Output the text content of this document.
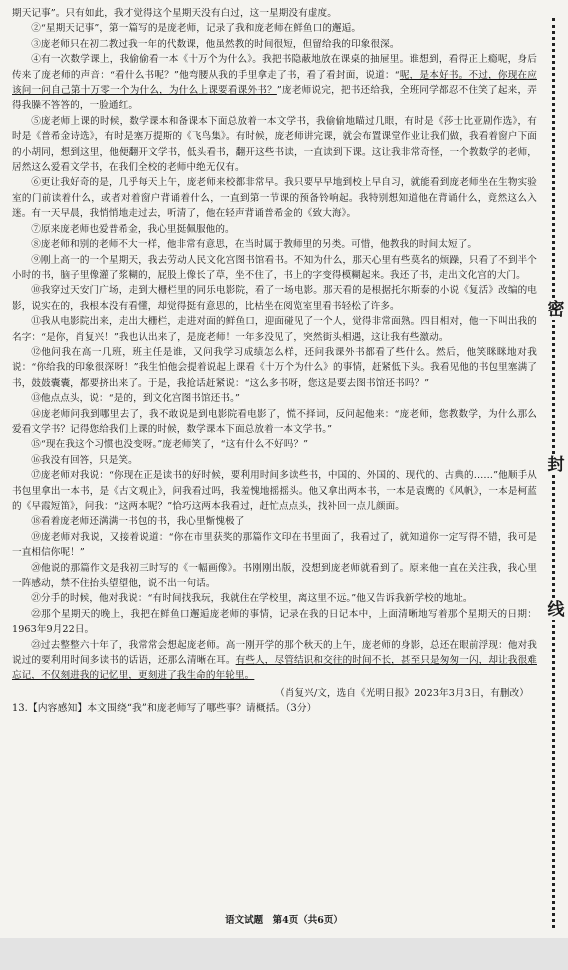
期天记事”。只有如此，我才觉得这个星期天没有白过，这一星期没有虚度。

②“星期天记事”，第一篇写的是庞老师，记录了我和庞老师在鲜鱼口的邂逅。

③庞老师只在初二教过我一年的代数课，他虽然教的时间很短，但留给我的印象很深。

④有一次数学课上，我偷偷看一本《十万个为什么》。我把书隐蔽地放在课桌的抽屉里。谁想到，看得正上瘾呢，身后传来了庞老师的声音：“看什么书呢？”他弯腰从我的手里拿走了书，看了看封面，说道：“呢，是本好书。不过，你现在应该问一问自己第十万零一个为什么，为什么上课要看课外书？”庞老师说完，把书还给我，全班同学都忍不住笑了起来，弄得我臊不答答的，一脸通红。

⑤庞老师上课的时候，数学课本和备课本下面总放着一本文学书，我偷偷地瞄过几眼，有时是《莎士比亚剧作选》，有时是《普希金诗选》，有时是塞万提斯的《飞鸟集》。有时候，庞老师讲完课，就会布置课堂作业让我们做，我看着窗户下面的小胡同，想到这里，他便翻开文学书，低头看书，翻开这些书读，一直读到下课。这让我非常奇怪，一个教数学的老师，居然这么爱看文学书，在我们全校的老师中绝无仅有。

⑥更让我好奇的是，几乎每天上午，庞老师来校都非常早。我只要早早地到校上早自习，就能看到庞老师坐在生物实验室的门前读着什么，或者对着窗户背诵着什么，一直到第一节课的预备铃响起。我特别想知道他在背诵什么，竟然这么入迷。有一天早晨，我悄悄地走过去，听清了，他在轻声背诵普希金的《致大海》。

⑦原来庞老师也爱普希金，我心里挺佩服他的。

⑧庞老师和别的老师不大一样，他非常有意思，在当时属于教师里的另类。可惜，他教我的时间太短了。

⑨刚上高一的一个星期天，我去劳动人民文化宫图书馆看书。不知为什么，那天心里有些莫名的烦躁，只看了不到半个小时的书，脑子里像灌了浆糊的，屁股上像长了草，坐不住了，书上的字变得模糊起来。我还了书，走出文化宫的大门。

⑩我穿过天安门广场，走到大栅栏里的同乐电影院，看了一场电影。那天看的是根据托尔斯泰的小说《复活》改编的电影，说实在的，我根本没有看懂，却觉得挺有意思的，比枯坐在阅览室里看书轻松了许多。

⑪我从电影院出来，走出大栅栏，走进对面的鲜鱼口，迎面碰见了一个人，觉得非常面熟。四目相对，他一下叫出我的名字：“是你，肖复兴！”我也认出来了，是庞老师！一年多没见了，突然街头相遇，这让我有些激动。

⑫他问我在高一几班，班主任是谁，又问我学习成绩怎么样，还问我课外书都看了些什么。然后，他笑眯眯地对我说：“你给我的印象很深呀！”我生怕他会提着说起上课看《十万个为什么》的事情，赶紧低下头。我看见他的书包里塞满了书，鼓鼓囊囊，都要挤出来了。于是，我抢话赶紧说：“这么多书呀，您这是要去图书馆还书吗？”

⑬他点点头，说：“是的，到文化宫图书馆还书。”

⑭庞老师问我到哪里去了，我不敢说是到电影院看电影了，慌不择词，反问起他来：“庞老师，您教数学，为什么那么爱看文学书？记得您给我们上课的时候，数学课本下面总放着一本文学书。”

⑮“现在我这个习惯也没变呀。”庞老师笑了，“这有什么不好吗？”

⑯我没有回答，只是笑。

⑰庞老师对我说：“你现在正是读书的好时候，要利用时间多读些书，中国的、外国的、现代的、古典的……”他顺手从书包里拿出一本书，是《古文观止》，问我看过吗，我羞愧地摇摇头。他又拿出两本书，一本是袁鹰的《风帆》，一本是柯蓝的《早霞短笛》，问我：“这两本呢？”恰巧这两本我看过，赶忙点点头，找补回一点儿颜面。

⑱看着庞老师还满满一书包的书，我心里惭愧极了

⑲庞老师对我说，又接着说道：“你在市里获奖的那篇作文印在书里面了，我看过了，就知道你一定写得不错，我可是一直相信你呢！”

⑳他说的那篇作文是我初三时写的《一幅画像》。书刚刚出版，没想到庞老师就看到了。原来他一直在关注我，我心里一阵感动，禁不住抬头望望他，说不出一句话。

㉑分手的时候，他对我说：“有时间找我玩，我就住在学校里，离这里不远。”他又告诉我新学校的地址。

㉒那个星期天的晚上，我把在鲜鱼口邂逅庞老师的事情，记录在我的日记本中，上面清晰地写着那个星期天的日期：1963年9月22日。

㉓过去整整六十年了，我常常会想起庞老师。高一刚开学的那个秋天的上午，庞老师的身影，总还在眼前浮现：他对我说过的要利用时间多读书的话语，还那么清晰在耳。有些人，尽管结识和交往的时间不长，甚至只是匆匆一闪，却让我很难忘记，不仅刻进我的记忆里，更刻进了我生命的年轮里。

（肖复兴/文，选自《光明日报》2023年3月3日，有删改）
13.【内容感知】本文围绕“我”和庞老师写了哪些事？请概括。（3分）
密
封
线
语文试题　第4页（共6页）
